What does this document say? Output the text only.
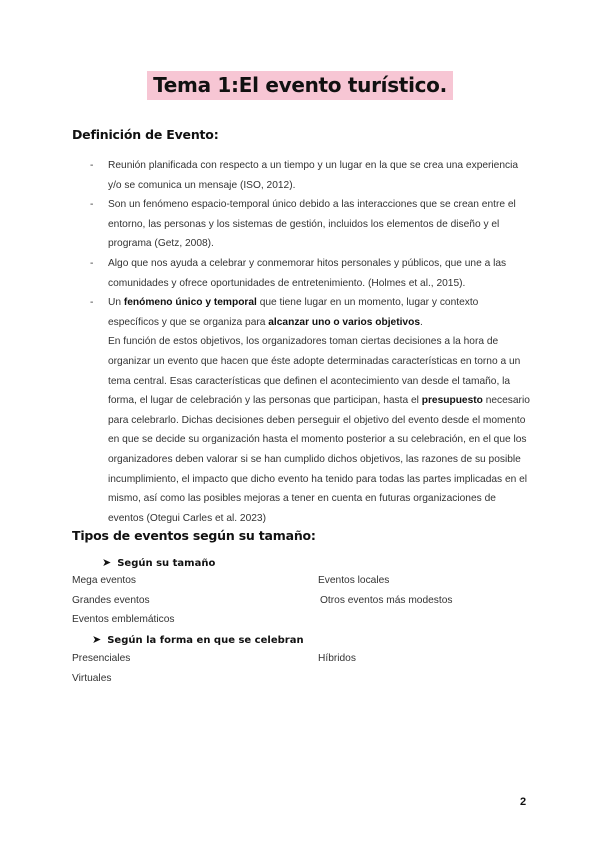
Tema 1:El evento turístico.
Definición de Evento:
- Reunión planificada con respecto a un tiempo y un lugar en la que se crea una experiencia y/o se comunica un mensaje (ISO, 2012).
- Son un fenómeno espacio-temporal único debido a las interacciones que se crean entre el entorno, las personas y los sistemas de gestión, incluidos los elementos de diseño y el programa (Getz, 2008).
- Algo que nos ayuda a celebrar y conmemorar hitos personales y públicos, que une a las comunidades y ofrece oportunidades de entretenimiento. (Holmes et al., 2015).
- Un fenómeno único y temporal que tiene lugar en un momento, lugar y contexto específicos y que se organiza para alcanzar uno o varios objetivos.
En función de estos objetivos, los organizadores toman ciertas decisiones a la hora de organizar un evento que hacen que éste adopte determinadas características en torno a un tema central. Esas características que definen el acontecimiento van desde el tamaño, la forma, el lugar de celebración y las personas que participan, hasta el presupuesto necesario para celebrarlo. Dichas decisiones deben perseguir el objetivo del evento desde el momento en que se decide su organización hasta el momento posterior a su celebración, en el que los organizadores deben valorar si se han cumplido dichos objetivos, las razones de su posible incumplimiento, el impacto que dicho evento ha tenido para todas las partes implicadas en el mismo, así como las posibles mejoras a tener en cuenta en futuras organizaciones de eventos (Otegui Carles et al. 2023)
Tipos de eventos según su tamaño:
➤ Según su tamaño
Mega eventos
Grandes eventos
Eventos emblemáticos
Eventos locales
Otros eventos más modestos
➤ Según la forma en que se celebran
Presenciales
Virtuales
Híbridos
2
